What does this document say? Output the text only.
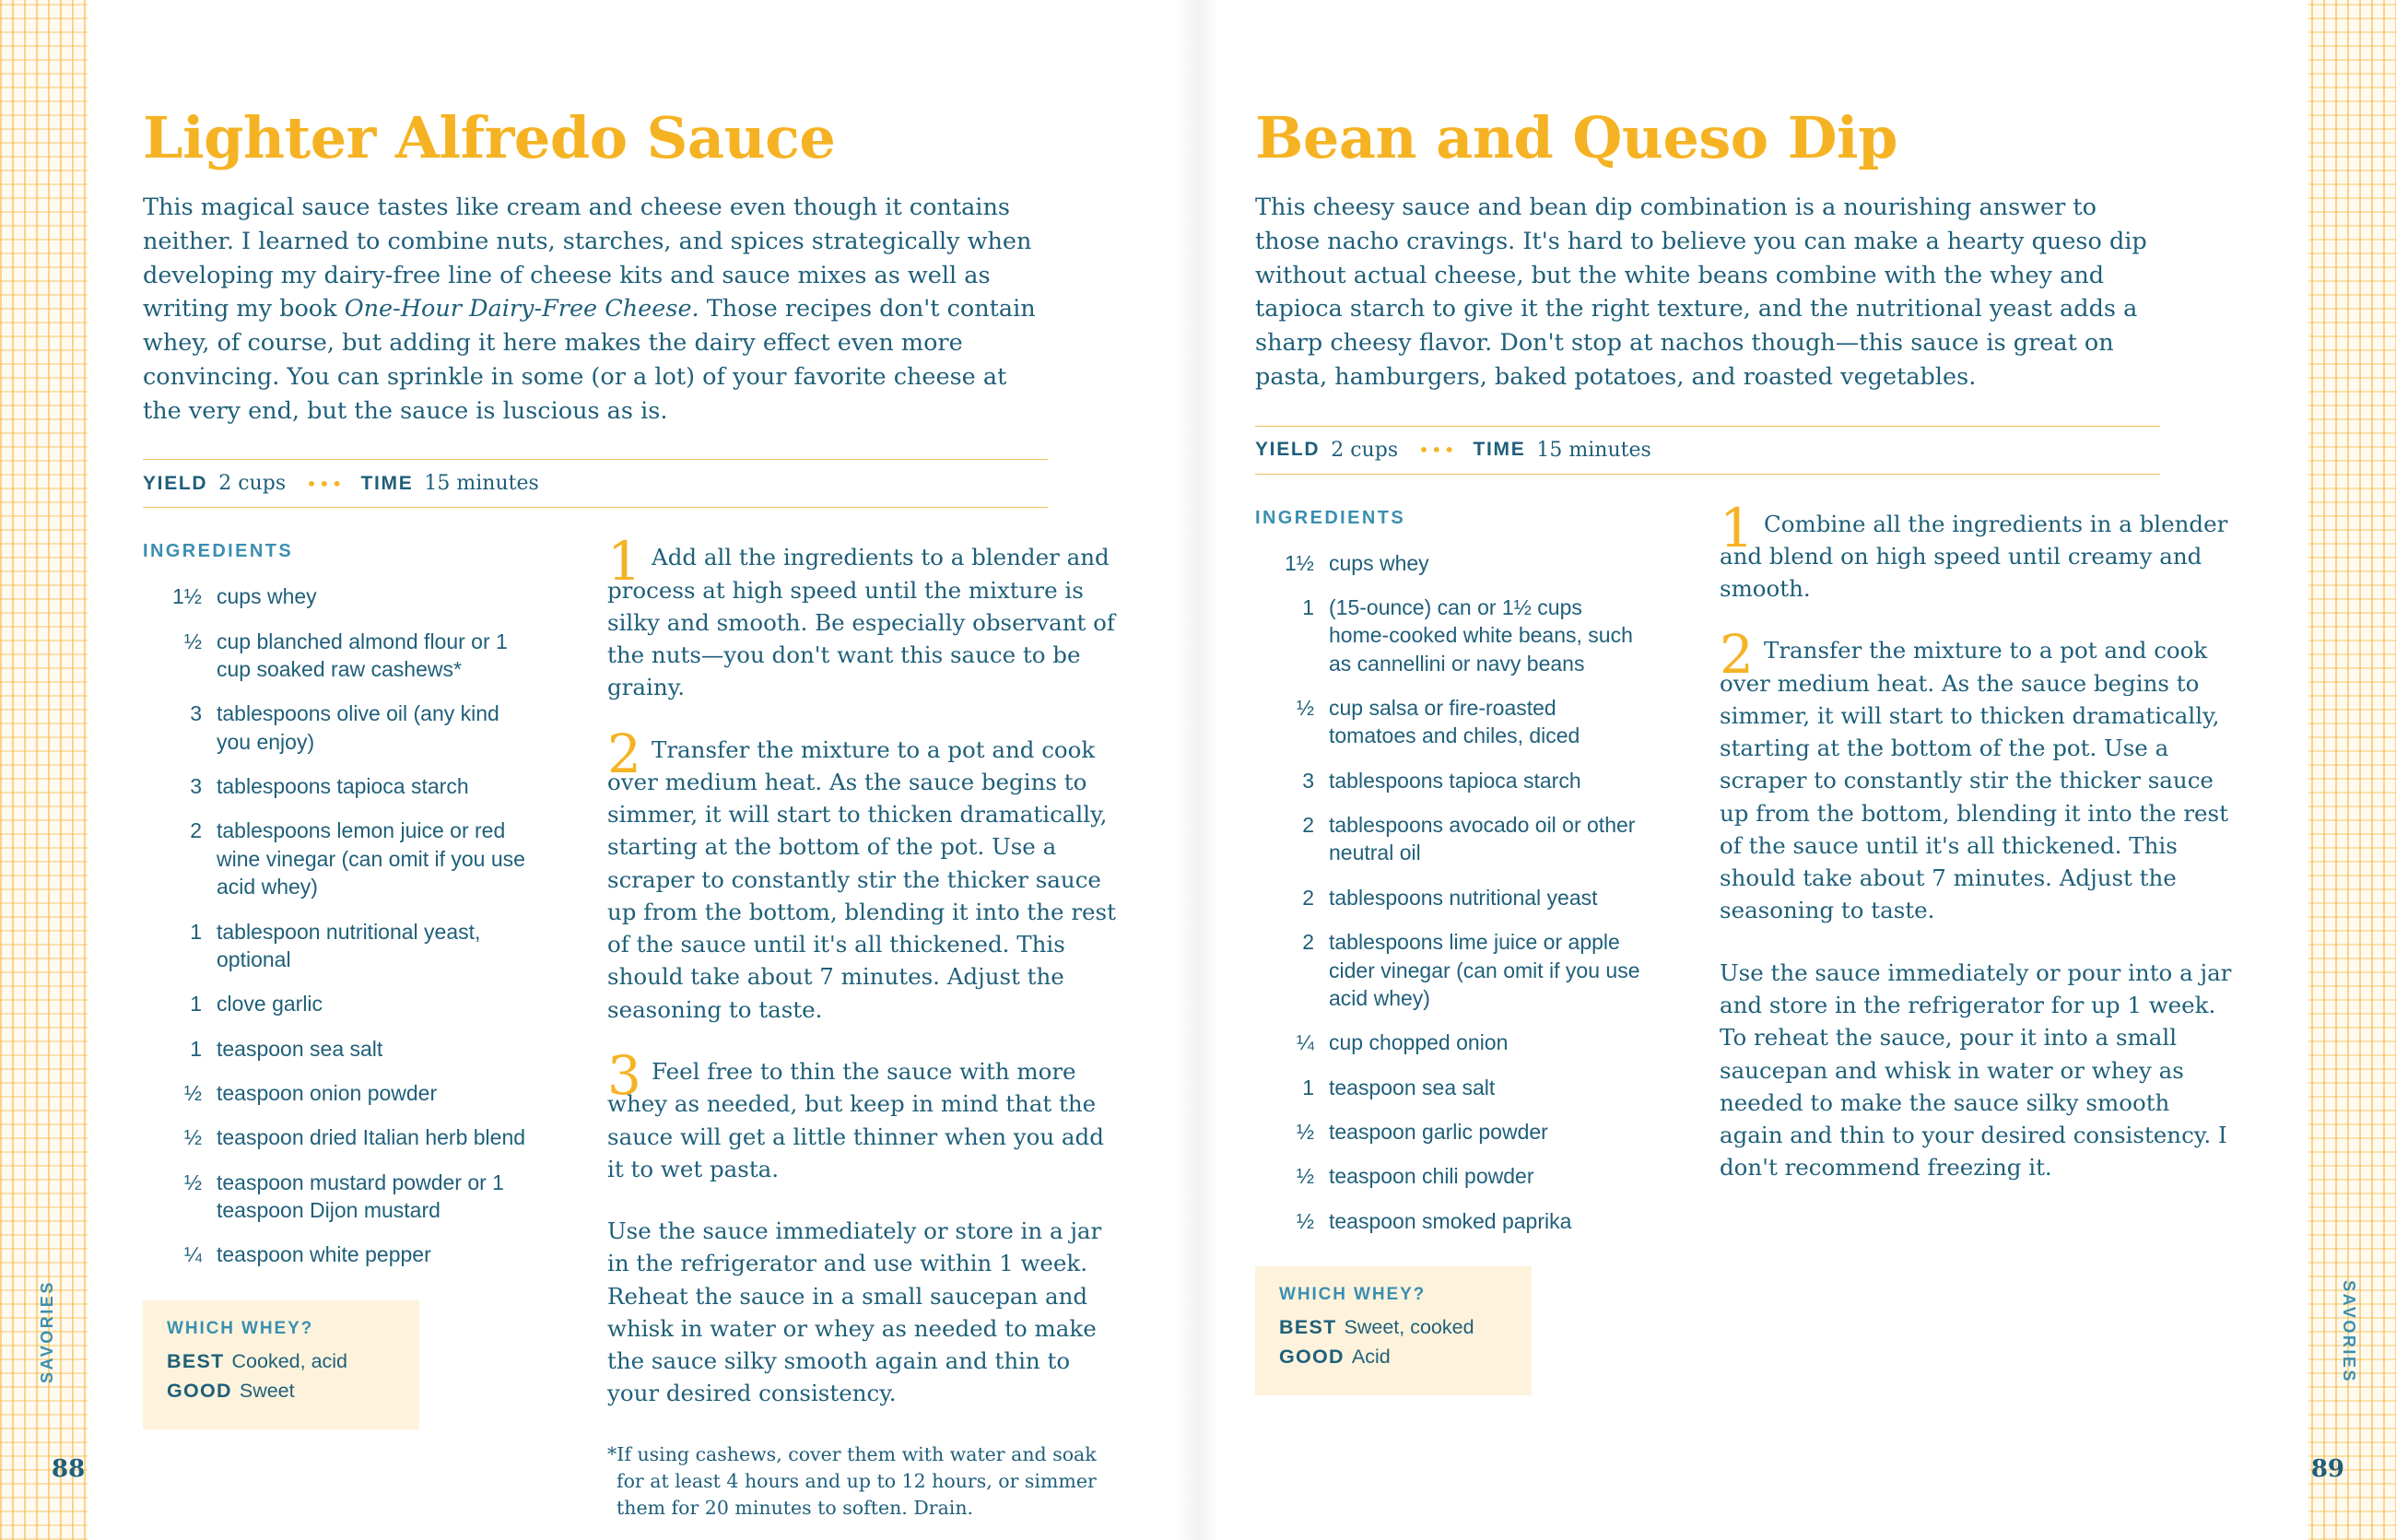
SAVORIES
88
Lighter Alfredo Sauce

This magical sauce tastes like cream and cheese even though it contains neither. I learned to combine nuts, starches, and spices strategically when developing my dairy-free line of cheese kits and sauce mixes as well as writing my book One-Hour Dairy-Free Cheese. Those recipes don't contain whey, of course, but adding it here makes the dairy effect even more convincing. You can sprinkle in some (or a lot) of your favorite cheese at the very end, but the sauce is luscious as is.

YIELD 2 cups	••• TIME 15 minutes
INGREDIENTS
1½ cups whey
½ cup blanched almond flour or 1 cup soaked raw cashews*
3 tablespoons olive oil (any kind you enjoy)
3 tablespoons tapioca starch
2 tablespoons lemon juice or red wine vinegar (can omit if you use acid whey)
1 tablespoon nutritional yeast, optional
1 clove garlic
1 teaspoon sea salt
½ teaspoon onion powder
½ teaspoon dried Italian herb blend
½ teaspoon mustard powder or 1 teaspoon Dijon mustard
¼ teaspoon white pepper
WHICH WHEY?
BEST Cooked, acid
GOOD Sweet
1 Add all the ingredients to a blender and process at high speed until the mixture is silky and smooth. Be especially observant of the nuts—you don't want this sauce to be grainy.
2 Transfer the mixture to a pot and cook over medium heat. As the sauce begins to simmer, it will start to thicken dramatically, starting at the bottom of the pot. Use a scraper to constantly stir the thicker sauce up from the bottom, blending it into the rest of the sauce until it's all thickened. This should take about 7 minutes. Adjust the seasoning to taste.
3 Feel free to thin the sauce with more whey as needed, but keep in mind that the sauce will get a little thinner when you add it to wet pasta.

Use the sauce immediately or store in a jar in the refrigerator and use within 1 week. Reheat the sauce in a small saucepan and whisk in water or whey as needed to make the sauce silky smooth again and thin to your desired consistency.

*If using cashews, cover them with water and soak for at least 4 hours and up to 12 hours, or simmer them for 20 minutes to soften. Drain.

SAVORIES
89
Bean and Queso Dip

This cheesy sauce and bean dip combination is a nourishing answer to those nacho cravings. It's hard to believe you can make a hearty queso dip without actual cheese, but the white beans combine with the whey and tapioca starch to give it the right texture, and the nutritional yeast adds a sharp cheesy flavor. Don't stop at nachos though—this sauce is great on pasta, hamburgers, baked potatoes, and roasted vegetables.

YIELD 2 cups	••• TIME 15 minutes
INGREDIENTS
1½ cups whey
1 (15-ounce) can or 1½ cups home-cooked white beans, such as cannellini or navy beans
½ cup salsa or fire-roasted tomatoes and chiles, diced
3 tablespoons tapioca starch
2 tablespoons avocado oil or other neutral oil
2 tablespoons nutritional yeast
2 tablespoons lime juice or apple cider vinegar (can omit if you use acid whey)
¼ cup chopped onion
1 teaspoon sea salt
½ teaspoon garlic powder
½ teaspoon chili powder
½ teaspoon smoked paprika
WHICH WHEY?
BEST Sweet, cooked
GOOD Acid
1 Combine all the ingredients in a blender and blend on high speed until creamy and smooth.
2 Transfer the mixture to a pot and cook over medium heat. As the sauce begins to simmer, it will start to thicken dramatically, starting at the bottom of the pot. Use a scraper to constantly stir the thicker sauce up from the bottom, blending it into the rest of the sauce until it's all thickened. This should take about 7 minutes. Adjust the seasoning to taste.

Use the sauce immediately or pour into a jar and store in the refrigerator for up 1 week. To reheat the sauce, pour it into a small saucepan and whisk in water or whey as needed to make the sauce silky smooth again and thin to your desired consistency. I don't recommend freezing it.
